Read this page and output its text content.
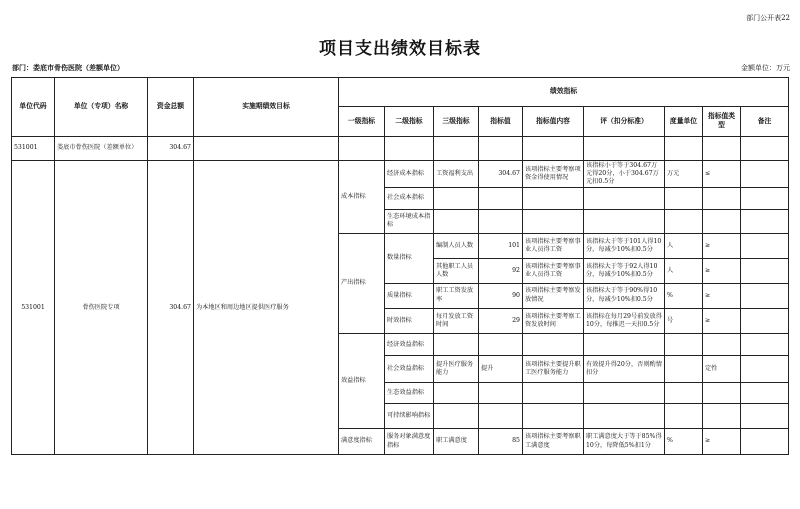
部门公开表22
项目支出绩效目标表
部门：娄底市骨伤医院（差额单位）	金额单位：万元
单位代码	单位（专项）名称	资金总额	实施期绩效目标	绩效指标								
				一级指标	二级指标	三级指标	指标值	指标值内容	评（扣分标准）	度量单位	指标值类型	备注
531001	娄底市骨伤医院（差额单位）	304.67										
531001	骨伤医院专项	304.67	为本地区和周边地区提供医疗服务	成本指标	经济成本指标	工资福利支出	304.67	该项指标主要考察项资金得使用情况	该指标小于等于304.67万元得20分，小于304.67万元扣0.5分	万元	≤	
					社会成本指标							
					生态环境成本指标							
				产出指标	数量指标	编制人员人数	101	该项指标主要考察事业人员得工资	该指标大于等于101人得10分，每减少10%扣0.5分	人	≥	
						其他职工人员人数	92	该项指标主要考察事业人员得工资	该指标大于等于92人得10分，每减少10%扣0.5分	人	≥	
					质量指标	职工工资发放率	90	该项指标主要考察发放情况	该指标大于等于90%得10分，每减少10%扣0.5分	%	≥	
					时效指标	每月发放工资时间	29	该项指标主要考察工资发放时间	该指标在每月29号前发放得10分，每推迟一天扣0.5分	号	≥	
				效益指标	经济效益指标							
					社会效益指标	提升医疗服务能力	提升	该项指标主要提升职工医疗服务能力	有效提升得20分，否则酌情扣分		定性	
					生态效益指标							
					可持续影响指标							
				满意度指标	服务对象满意度指标	职工满意度	85	该项指标主要考察职工满意度	职工满意度大于等于85%得10分，每降低5%扣1分	%	≥	
